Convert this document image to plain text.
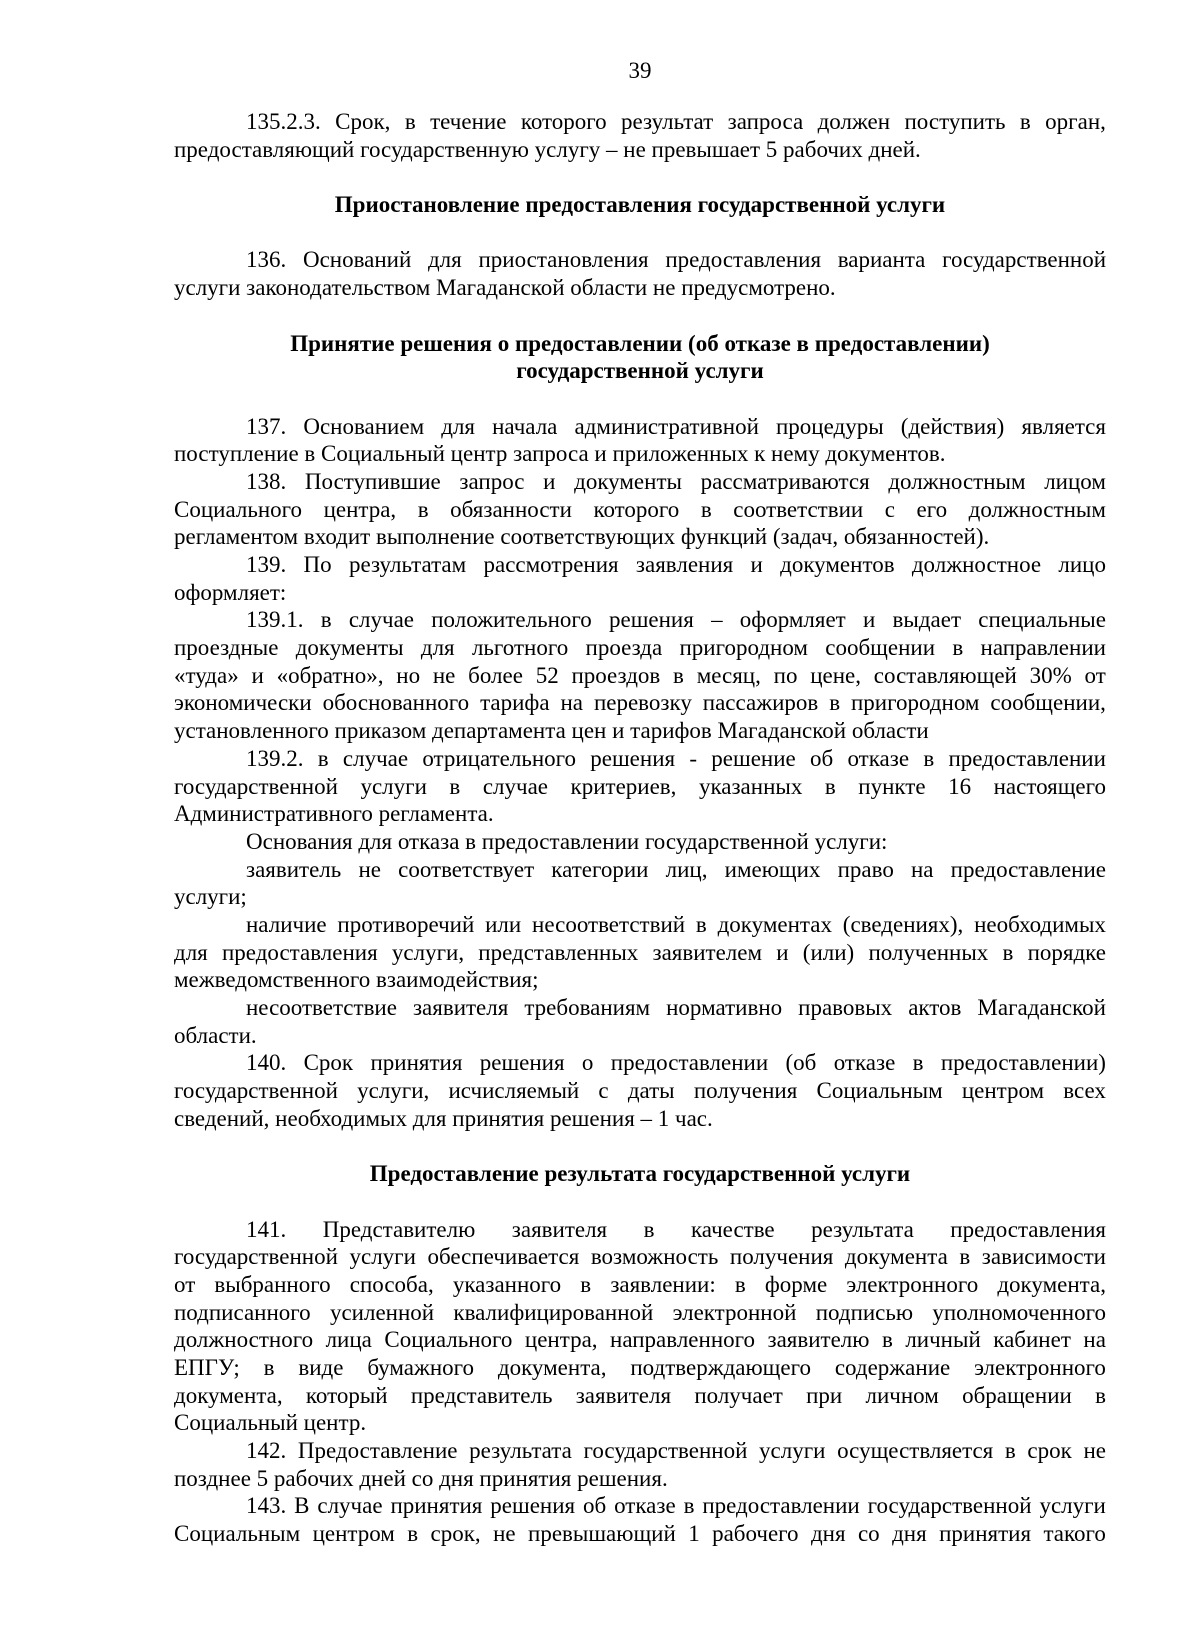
39
135.2.3. Срок, в течение которого результат запроса должен поступить в орган,
предоставляющий государственную услугу – не превышает 5 рабочих дней.
Приостановление предоставления государственной услуги
136. Оснований для приостановления предоставления варианта государственной
услуги законодательством Магаданской области не предусмотрено.
Принятие решения о предоставлении (об отказе в предоставлении)
государственной услуги
137. Основанием для начала административной процедуры (действия) является
поступление в Социальный центр запроса и приложенных к нему документов.
138. Поступившие запрос и документы рассматриваются должностным лицом
Социального центра, в обязанности которого в соответствии с его должностным
регламентом входит выполнение соответствующих функций (задач, обязанностей).
139. По результатам рассмотрения заявления и документов должностное лицо
оформляет:
139.1. в случае положительного решения – оформляет и выдает специальные
проездные документы для льготного проезда пригородном сообщении в направлении
«туда» и «обратно», но не более 52 проездов в месяц, по цене, составляющей 30% от
экономически обоснованного тарифа на перевозку пассажиров в пригородном сообщении,
установленного приказом департамента цен и тарифов Магаданской области
139.2. в случае отрицательного решения - решение об отказе в предоставлении
государственной услуги в случае критериев, указанных в пункте 16 настоящего
Административного регламента.
Основания для отказа в предоставлении государственной услуги:
заявитель не соответствует категории лиц, имеющих право на предоставление
услуги;
наличие противоречий или несоответствий в документах (сведениях), необходимых
для предоставления услуги, представленных заявителем и (или) полученных в порядке
межведомственного взаимодействия;
несоответствие заявителя требованиям нормативно правовых актов Магаданской
области.
140. Срок принятия решения о предоставлении (об отказе в предоставлении)
государственной услуги, исчисляемый с даты получения Социальным центром всех
сведений, необходимых для принятия решения – 1 час.
Предоставление результата государственной услуги
141. Представителю заявителя в качестве результата предоставления
государственной услуги обеспечивается возможность получения документа в зависимости
от выбранного способа, указанного в заявлении: в форме электронного документа,
подписанного усиленной квалифицированной электронной подписью уполномоченного
должностного лица Социального центра, направленного заявителю в личный кабинет на
ЕПГУ; в виде бумажного документа, подтверждающего содержание электронного
документа, который представитель заявителя получает при личном обращении в
Социальный центр.
142. Предоставление результата государственной услуги осуществляется в срок не
позднее 5 рабочих дней со дня принятия решения.
143. В случае принятия решения об отказе в предоставлении государственной услуги
Социальным центром в срок, не превышающий 1 рабочего дня со дня принятия такого
